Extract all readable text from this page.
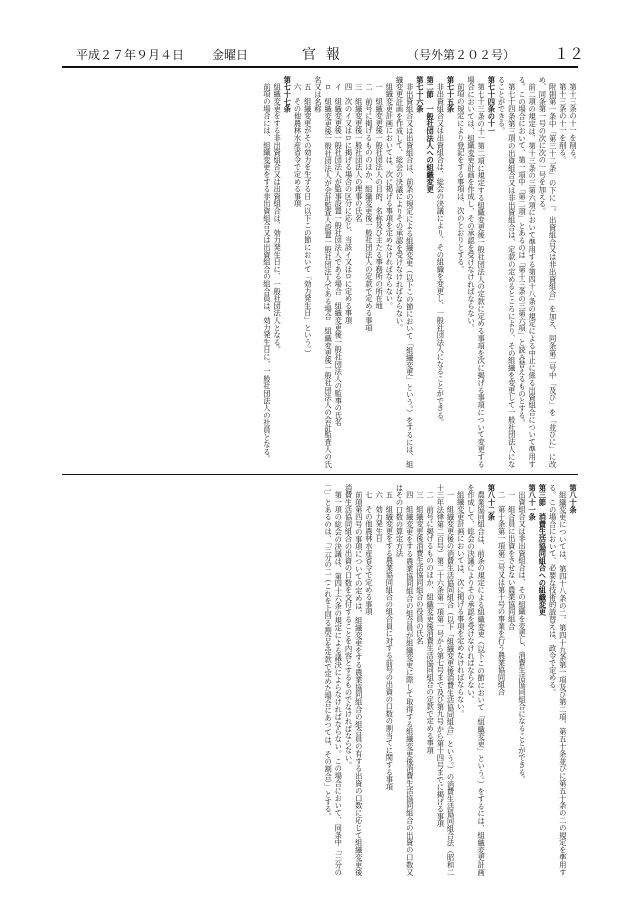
平成２７年９月４日 金曜日	官報	（号外第２０２号）	１２

第十三条の十一を削る。

第十三条の十一を削る。

附則第一条中「第三十二条」の下に「、出資組合又は非出資組合」を加え、同条第二号中「及び」を「並びに」に改め、同条第一号の次に次の一号を加える。

前二項の規定は、第十三条の三第六項において準用する第四十八条の規定による中止に係る出資組合について準用する。この場合において、第一項中「第二項」とあるのは「第十三条の三第六項」と読み替えるものとする。

第七十四条第三項の出資組合又は非出資組合は、定款の定めるところにより、その組織を変更して一般社団法人になることができる。

第七十四条の十一

第七十三条の十一第二項に規定する組織変更後一般社団法人の定款に定める事項を次に掲げる事項について変更する場合においては、組織変更計画を作成し、その承認を受けなければならない。

前項の規定により登記をする事項は、次のとおりとする。

第七十五条

非出資組合又は出資組合は、総会の決議により、その組織を変更し、一般社団法人になることができる。

第二節　一般社団法人への組織変更

第七十六条

非出資組合又は出資組合は、前条の規定による組織変更（以下この節において「組織変更」という。）をするには、組織変更計画を作成して、総会の決議によりその承認を受けなければならない。

組織変更計画においては、次に掲げる事項を定めなければならない。

一　組織変更後一般社団法人の目的、名称及び主たる事務所の所在地

二　前号に掲げるもののほか、組織変更後一般社団法人の定款で定める事項

三　組織変更後一般社団法人の理事の氏名

四　次のイ又はロに掲げる場合の区分に応じ、当該イ又はロに定める事項

イ　組織変更後一般社団法人が監事設置一般社団法人である場合　組織変更後一般社団法人の監事の氏名

ロ　組織変更後一般社団法人が会計監査人設置一般社団法人である場合　組織変更後一般社団法人の会計監査人の氏名又は名称

五　組織変更がその効力を生ずる日（以下この節において「効力発生日」という。）

六　その他農林水産省令で定める事項

第七十七条

組織変更をする非出資組合又は出資組合は、効力発生日に、一般社団法人となる。

前項の場合には、組織変更をする非出資組合又は出資組合の組合員は、効力発生日に、一般社団法人の社員となる。

第八十条

組織変更については、第四十八条の二、第四十九条第一項及び第二項、第五十条並びに第五十条の二の規定を準用する。この場合において、必要な技術的読替えは、政令で定める。

第三節　消費生活協同組合への組織変更

第八十一条

出資組合又は非出資組合は、その組織を変更し、消費生活協同組合になることができる。

一　組合員に出資をさせない農業協同組合

二　第十条第一項第三号又は第十号の事業を行う農業協同組合

第八十二条

農業協同組合は、前条の規定による組織変更（以下この節において「組織変更」という。）をするには、組織変更計画を作成して、総会の決議によりその承認を受けなければならない。

組織変更計画においては、次に掲げる事項を定めなければならない。

一　組織変更後の消費生活協同組合（以下「組織変更後消費生活協同組合」という。）の消費生活協同組合法（昭和二十三年法律第二百号）第二十六条第一項第一号から第七号まで及び第九号から第十四号までに掲げる事項

二　前号に掲げるもののほか、組織変更後消費生活協同組合の定款で定める事項

三　組織変更後消費生活協同組合の役員の氏名

四　組織変更をする農業協同組合の組合員が組織変更に際して取得する組織変更後消費生活協同組合の出資の口数又はその口数の算定方法

五　組織変更をする農業協同組合の組合員に対する前号の出資の口数の割当てに関する事項

六　効力発生日

七　その他農林水産省令で定める事項

前項第四号の事項についての定めは、組織変更をする農業協同組合の組合員の有する出資の口数に応じて組織変更後消費生活協同組合の出資の口数を交付することを内容とするものでなければならない。

第一項の総会の決議は、第四十六条の規定による議決によらなければならない。この場合において、同条中「三分の二」とあるのは、「三分の二（これを上回る割合を定款で定めた場合にあつては、その割合）」とする。
